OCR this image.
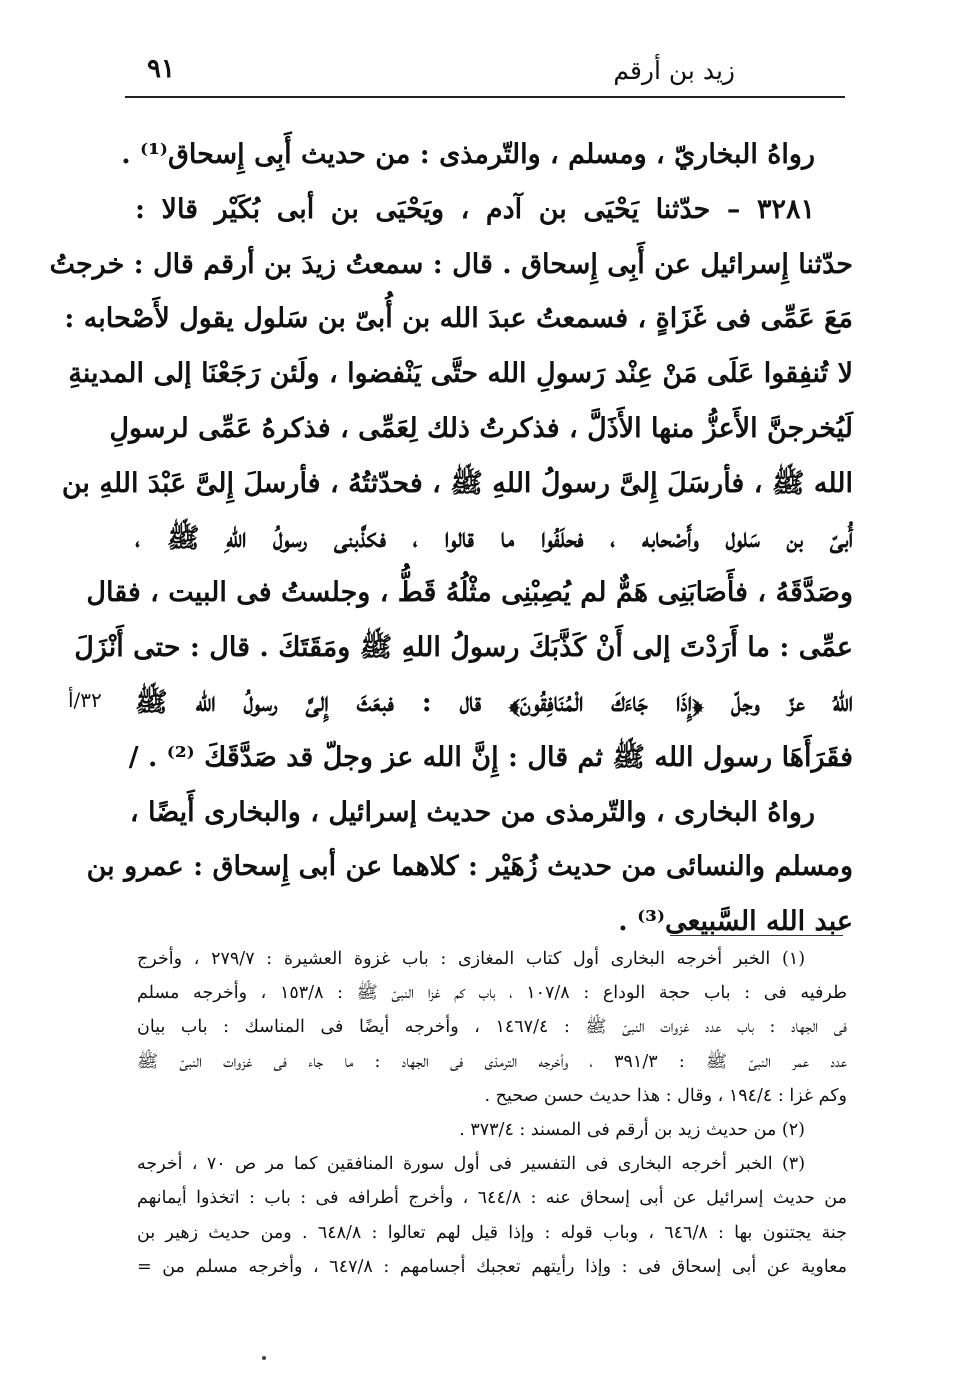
زيد بن أرقم
٩١
رواهُ البخاريّ ، ومسلم ، والتّرمذى : من حديث أَبِى إِسحاق⁽¹⁾ .
٣٢٨١ – حدّثنا يَحْيَى بن آدم ، ويَحْيَى بن أبى بُكَيْر قالا :
حدّثنا إِسرائيل عن أَبِى إِسحاق . قال : سمعتُ زيدَ بن أرقم قال : خرجتُ
مَعَ عَمِّى فى غَزَاةٍ ، فسمعتُ عبدَ الله بن أُبىّ بن سَلول يقول لأَصْحابه :
لا تُنفِقوا عَلَى مَنْ عِنْد رَسولِ الله حتَّى يَنْفضوا ، ولَئن رَجَعْنَا إلى المدينةِ
لَيُخرجنَّ الأَعزُّ منها الأَذَلَّ ، فذكرتُ ذلك لِعَمِّى ، فذكرهُ عَمِّى لرسولِ
الله ﷺ ، فأرسَلَ إِلىَّ رسولُ اللهِ ﷺ ، فحدّثتُهُ ، فأرسلَ إِلىَّ عَبْدَ اللهِ بن
أُبىّ بن سَلول وأَصْحابه ، فحلَفُوا ما قالوا ، فكذَّبنى رسولُ اللهِ ﷺ ،
وصَدَّقَهُ ، فأَصَابَنِى هَمٌّ لم يُصِبْنِى مثْلُهُ قَطُّ ، وجلستُ فى البيت ، فقال
عمِّى : ما أَرَدْتَ إلى أَنْ كَذَّبَكَ رسولُ اللهِ ﷺ ومَقَتَكَ . قال : حتى أَنْزَلَ
اللهُ عزّ وجلّ ﴿إِذَا جَاءَكَ الْمُنَافِقُونَ﴾ قال : فبعَثَ إِلىَّ رسولُ الله ﷺ
فقَرَأَهَا رسول الله ﷺ ثم قال : إِنَّ الله عز وجلّ قد صَدَّقَكَ ⁽²⁾ . /
رواهُ البخارى ، والتّرمذى من حديث إسرائيل ، والبخارى أَيضًا ،
ومسلم والنسائى من حديث زُهَيْر : كلاهما عن أبى إِسحاق : عمرو بن
عبد الله السَّبيعى⁽³⁾ .
٣٢/أ
(١) الخبر أخرجه البخارى أول كتاب المغازى : باب غزوة العشيرة : ٢٧٩/٧ ، وأخرج
طرفيه فى : باب حجة الوداع : ١٠٧/٨ ، باب كم غزا النبىّ ﷺ : ١٥٣/٨ ، وأخرجه مسلم
فى الجهاد : باب عدد غزوات النبىّ ﷺ : ١٤٦٧/٤ ، وأخرجه أيضًا فى المناسك : باب بيان
عدد عمر النبىّ ﷺ : ٣٩١/٣ ، وأخرجه الترمذى فى الجهاد : ما جاء فى غزوات النبىّ ﷺ
وكم غزا : ١٩٤/٤ ، وقال : هذا حديث حسن صحيح .
(٢) من حديث زيد بن أرقم فى المسند : ٣٧٣/٤ .
(٣) الخبر أخرجه البخارى فى التفسير فى أول سورة المنافقين كما مر ص ٧٠ ، أخرجه
من حديث إسرائيل عن أبى إسحاق عنه : ٦٤٤/٨ ، وأخرج أطرافه فى : باب : اتخذوا أيمانهم
جنة يجتنون بها : ٦٤٦/٨ ، وباب قوله : وإذا قيل لهم تعالوا : ٦٤٨/٨ . ومن حديث زهير بن
معاوية عن أبى إسحاق فى : وإذا رأيتهم تعجبك أجسامهم : ٦٤٧/٨ ، وأخرجه مسلم من =
